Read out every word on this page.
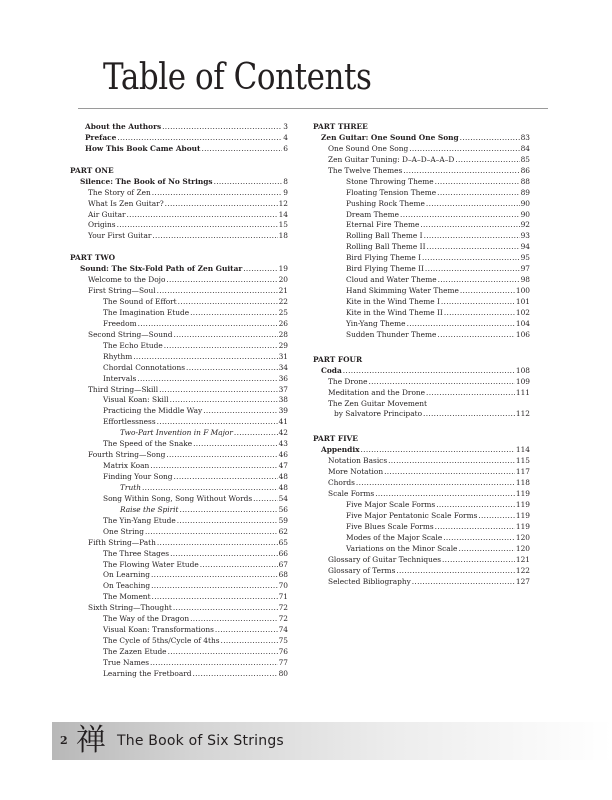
Table of Contents
About the Authors .....	3
Preface .....	4
How This Book Came About .....	6
PART ONE
Silence: The Book of No Strings .....	8
The Story of Zen .....	9
What Is Zen Guitar? .....	12
Air Guitar .....	14
Origins .....	15
Your First Guitar .....	18
PART TWO
Sound: The Six-Fold Path of Zen Guitar .....	19
Welcome to the Dojo .....	20
First String—Soul .....	21
The Sound of Effort .....	22
The Imagination Etude .....	25
Freedom .....	26
Second String—Sound .....	28
The Echo Etude .....	29
Rhythm .....	31
Chordal Connotations .....	34
Intervals .....	36
Third String—Skill .....	37
Visual Koan: Skill .....	38
Practicing the Middle Way .....	39
Effortlessness .....	41
Two-Part Invention in F Major .....	42
The Speed of the Snake .....	43
Fourth String—Song .....	46
Matrix Koan .....	47
Finding Your Song .....	48
Truth .....	48
Song Within Song, Song Without Words .....	54
Raise the Spirit .....	56
The Yin-Yang Etude .....	59
One String .....	62
Fifth String—Path .....	65
The Three Stages .....	66
The Flowing Water Etude .....	67
On Learning .....	68
On Teaching .....	70
The Moment .....	71
Sixth String—Thought .....	72
The Way of the Dragon .....	72
Visual Koan: Transformations .....	74
The Cycle of 5ths/Cycle of 4ths .....	75
The Zazen Etude .....	76
True Names .....	77
Learning the Fretboard .....	80
PART THREE
Zen Guitar: One Sound One Song .....	83
One Sound One Song .....	84
Zen Guitar Tuning: D–A–D–A–A–D .....	85
The Twelve Themes .....	86
Stone Throwing Theme .....	88
Floating Tension Theme .....	89
Pushing Rock Theme .....	90
Dream Theme .....	90
Eternal Fire Theme .....	92
Rolling Ball Theme I .....	93
Rolling Ball Theme II .....	94
Bird Flying Theme I .....	95
Bird Flying Theme II .....	97
Cloud and Water Theme .....	98
Hand Skimming Water Theme .....	100
Kite in the Wind Theme I .....	101
Kite in the Wind Theme II .....	102
Yin-Yang Theme .....	104
Sudden Thunder Theme .....	106
PART FOUR
Coda .....	108
The Drone .....	109
Meditation and the Drone .....	111
The Zen Guitar Movement
by Salvatore Principato .....	112
PART FIVE
Appendix .....	114
Notation Basics .....	115
More Notation .....	117
Chords .....	118
Scale Forms .....	119
Five Major Scale Forms .....	119
Five Major Pentatonic Scale Forms .....	119
Five Blues Scale Forms .....	119
Modes of the Major Scale .....	120
Variations on the Minor Scale .....	120
Glossary of Guitar Techniques .....	121
Glossary of Terms .....	122
Selected Bibliography .....	127
2 禅 The Book of Six Strings
